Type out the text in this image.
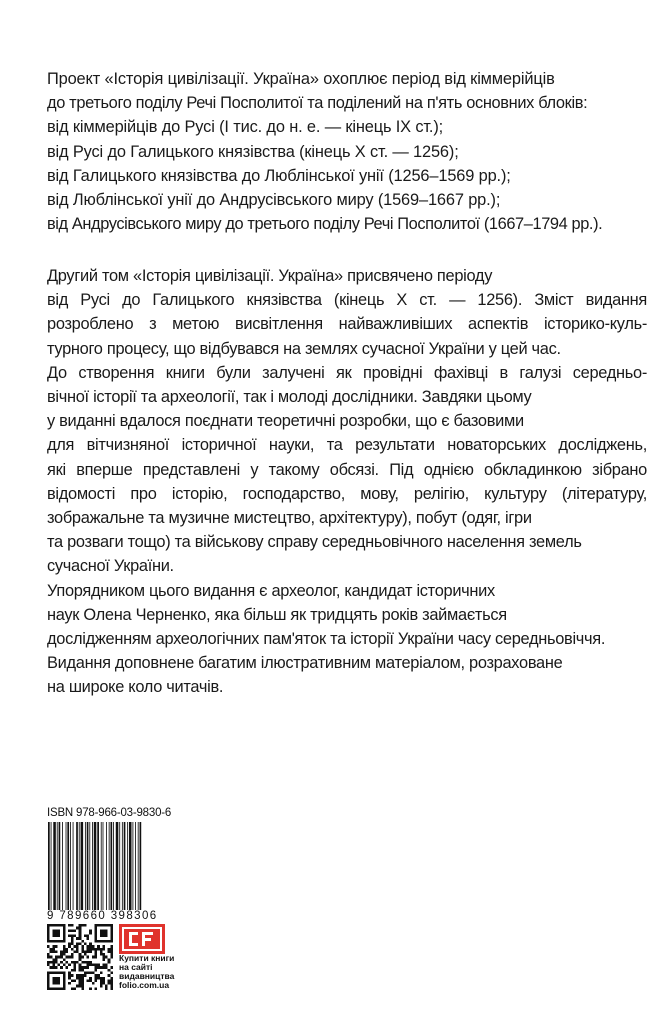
Проект «Історія цивілізації. Україна» охоплює період від кіммерійців
до третього поділу Речі Посполитої та поділений на п'ять основних блоків:
від кіммерійців до Русі (І тис. до н. е. — кінець ІХ ст.);
від Русі до Галицького князівства (кінець Х ст. — 1256);
від Галицького князівства до Люблінської унії (1256–1569 рр.);
від Люблінської унії до Андрусівського миру (1569–1667 рр.);
від Андрусівського миру до третього поділу Речі Посполитої (1667–1794 рр.).
Другий том «Історія цивілізації. Україна» присвячено періоду
від Русі до Галицького князівства (кінець Х ст. — 1256). Зміст видання
розроблено з метою висвітлення найважливіших аспектів історико-куль-
турного процесу, що відбувався на землях сучасної України у цей час.
До створення книги були залучені як провідні фахівці в галузі середньо-
вічної історії та археології, так і молоді дослідники. Завдяки цьому
у виданні вдалося поєднати теоретичні розробки, що є базовими
для вітчизняної історичної науки, та результати новаторських досліджень,
які вперше представлені у такому обсязі. Під однією обкладинкою зібрано
відомості про історію, господарство, мову, релігію, культуру (літературу,
зображальне та музичне мистецтво, архітектуру), побут (одяг, ігри
та розваги тощо) та військову справу середньовічного населення земель
сучасної України.
Упорядником цього видання є археолог, кандидат історичних
наук Олена Черненко, яка більш як тридцять років займається
дослідженням археологічних пам'яток та історії України часу середньовіччя.
Видання доповнене багатим ілюстративним матеріалом, розраховане
на широке коло читачів.
ISBN 978-966-03-9830-6
9 789660 398306
Купити книги
на сайті
видавництва
folio.com.ua
